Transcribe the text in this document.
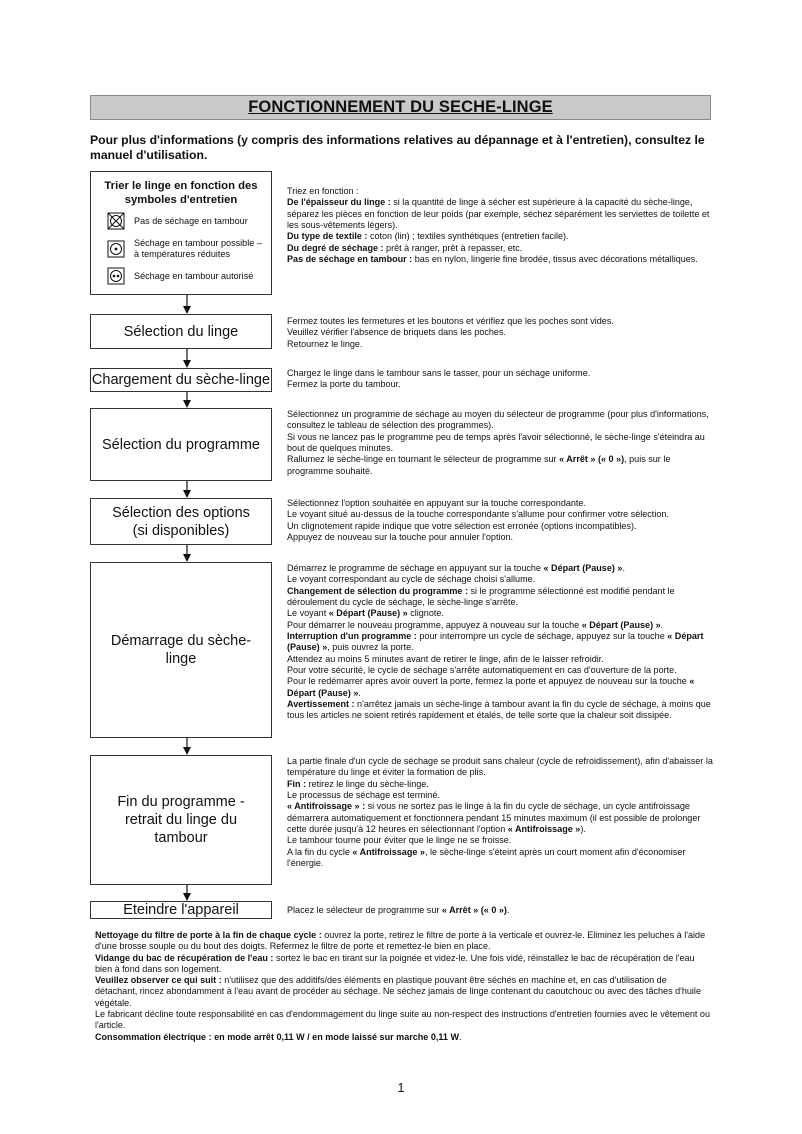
FONCTIONNEMENT DU SECHE-LINGE
Pour plus d'informations (y compris des informations relatives au dépannage et à l'entretien), consultez le manuel d'utilisation.
Trier le linge en fonction des symboles d'entretien
Pas de séchage en tambour
Séchage en tambour possible – à températures réduites
Séchage en tambour autorisé
Sélection du linge
Chargement du sèche-linge
Sélection du programme
Sélection des options (si disponibles)
Démarrage du sèche-linge
Fin du programme - retrait du linge du tambour
Eteindre l'appareil

Triez en fonction :

De l'épaisseur du linge : si la quantité de linge à sécher est supérieure à la capacité du sèche-linge, séparez les pièces en fonction de leur poids (par exemple, séchez séparément les serviettes de toilette et les sous-vêtements légers).

Du type de textile : coton (lin) ; textiles synthétiques (entretien facile).

Du degré de séchage : prêt à ranger, prêt à repasser, etc.

Pas de séchage en tambour : bas en nylon, lingerie fine brodée, tissus avec décorations métalliques.

Fermez toutes les fermetures et les boutons et vérifiez que les poches sont vides.

Veuillez vérifier l'absence de briquets dans les poches.

Retournez le linge.

Chargez le linge dans le tambour sans le tasser, pour un séchage uniforme.

Fermez la porte du tambour.

Sélectionnez un programme de séchage au moyen du sélecteur de programme (pour plus d'informations, consultez le tableau de sélection des programmes).

Si vous ne lancez pas le programme peu de temps après l'avoir sélectionné, le sèche-linge s'éteindra au bout de quelques minutes.

Rallumez le sèche-linge en tournant le sélecteur de programme sur « Arrêt » (« 0 »), puis sur le programme souhaité.

Sélectionnez l'option souhaitée en appuyant sur la touche correspondante.

Le voyant situé au-dessus de la touche correspondante s'allume pour confirmer votre sélection.

Un clignotement rapide indique que votre sélection est erronée (options incompatibles).

Appuyez de nouveau sur la touche pour annuler l'option.

Démarrez le programme de séchage en appuyant sur la touche « Départ (Pause) ».

Le voyant correspondant au cycle de séchage choisi s'allume.

Changement de sélection du programme : si le programme sélectionné est modifié pendant le déroulement du cycle de séchage, le sèche-linge s'arrête.

Le voyant « Départ (Pause) » clignote.

Pour démarrer le nouveau programme, appuyez à nouveau sur la touche « Départ (Pause) ».

Interruption d'un programme : pour interrompre un cycle de séchage, appuyez sur la touche « Départ (Pause) », puis ouvrez la porte.

Attendez au moins 5 minutes avant de retirer le linge, afin de le laisser refroidir.

Pour votre sécurité, le cycle de séchage s'arrête automatiquement en cas d'ouverture de la porte.

Pour le redémarrer après avoir ouvert la porte, fermez la porte et appuyez de nouveau sur la touche « Départ (Pause) ».

Avertissement : n'arrêtez jamais un sèche-linge à tambour avant la fin du cycle de séchage, à moins que tous les articles ne soient retirés rapidement et étalés, de telle sorte que la chaleur soit dissipée.

La partie finale d'un cycle de séchage se produit sans chaleur (cycle de refroidissement), afin d'abaisser la température du linge et éviter la formation de plis.

Fin : retirez le linge du sèche-linge.

Le processus de séchage est terminé.

« Antifroissage » : si vous ne sortez pas le linge à la fin du cycle de séchage, un cycle antifroissage démarrera automatiquement et fonctionnera pendant 15 minutes maximum (il est possible de prolonger cette durée jusqu'à 12 heures en sélectionnant l'option « Antifroissage »).

Le tambour tourne pour éviter que le linge ne se froisse.

A la fin du cycle « Antifroissage », le sèche-linge s'éteint après un court moment afin d'économiser l'énergie.

Placez le sélecteur de programme sur « Arrêt » (« 0 »).

Nettoyage du filtre de porte à la fin de chaque cycle : ouvrez la porte, retirez le filtre de porte à la verticale et ouvrez-le. Eliminez les peluches à l'aide d'une brosse souple ou du bout des doigts. Refermez le filtre de porte et remettez-le bien en place.

Vidange du bac de récupération de l'eau : sortez le bac en tirant sur la poignée et videz-le. Une fois vidé, réinstallez le bac de récupération de l'eau bien à fond dans son logement.

Veuillez observer ce qui suit : n'utilisez que des additifs/des éléments en plastique pouvant être séchés en machine et, en cas d'utilisation de détachant, rincez abondamment à l'eau avant de procéder au séchage. Ne séchez jamais de linge contenant du caoutchouc ou avec des tâches d'huile végétale.

Le fabricant décline toute responsabilité en cas d'endommagement du linge suite au non-respect des instructions d'entretien fournies avec le vêtement ou l'article.

Consommation électrique : en mode arrêt 0,11 W / en mode laissé sur marche 0,11 W.

1
